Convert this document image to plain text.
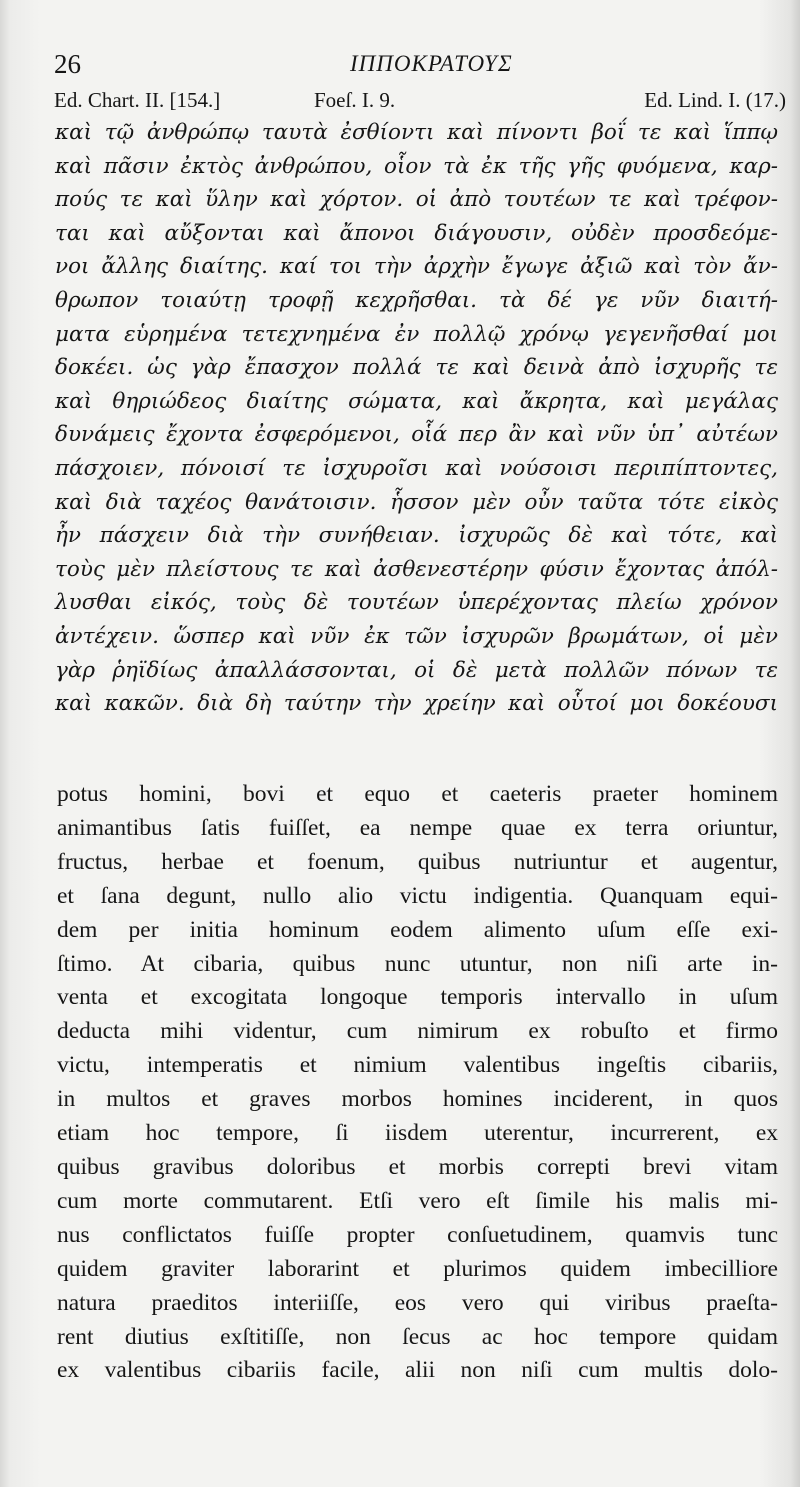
26	ΙΠΠΟΚΡΑΤΟΥΣ
Ed. Chart. II. [154.]	Foeſ. I. 9.	Ed. Lind. I. (17.)
καὶ τῷ ἀνθρώπῳ ταυτὰ ἐσθίοντι καὶ πίνοντι βοΐ τε καὶ ἵππῳ
καὶ πᾶσιν ἐκτὸς ἀνθρώπου, οἷον τὰ ἐκ τῆς γῆς φυόμενα, καρ-
πούς τε καὶ ὕλην καὶ χόρτον. οἱ ἀπὸ τουτέων τε καὶ τρέφον-
ται καὶ αὔξονται καὶ ἄπονοι διάγουσιν, οὐδὲν προσδεόμε-
νοι ἄλλης διαίτης. καί τοι τὴν ἀρχὴν ἔγωγε ἀξιῶ καὶ τὸν ἄν-
θρωπον τοιαύτῃ τροφῇ κεχρῆσθαι. τὰ δέ γε νῦν διαιτή-
ματα εὑρημένα τετεχνημένα ἐν πολλῷ χρόνῳ γεγενῆσθαί μοι
δοκέει. ὡς γὰρ ἔπασχον πολλά τε καὶ δεινὰ ἀπὸ ἰσχυρῆς τε
καὶ θηριώδεος διαίτης σώματα, καὶ ἄκρητα, καὶ μεγάλας
δυνάμεις ἔχοντα ἐσφερόμενοι, οἷά περ ἂν καὶ νῦν ὑπ᾽ αὐτέων
πάσχοιεν, πόνοισί τε ἰσχυροῖσι καὶ νούσοισι περιπίπτοντες,
καὶ διὰ ταχέος θανάτοισιν. ἧσσον μὲν οὖν ταῦτα τότε εἰκὸς
ἦν πάσχειν διὰ τὴν συνήθειαν. ἰσχυρῶς δὲ καὶ τότε, καὶ
τοὺς μὲν πλείστους τε καὶ ἀσθενεστέρην φύσιν ἔχοντας ἀπόλ-
λυσθαι εἰκός, τοὺς δὲ τουτέων ὑπερέχοντας πλείω χρόνον
ἀντέχειν. ὥσπερ καὶ νῦν ἐκ τῶν ἰσχυρῶν βρωμάτων, οἱ μὲν
γὰρ ῥηϊδίως ἀπαλλάσσονται, οἱ δὲ μετὰ πολλῶν πόνων τε
καὶ κακῶν. διὰ δὴ ταύτην τὴν χρείην καὶ οὗτοί μοι δοκέουσι
potus homini, bovi et equo et caeteris praeter hominem
animantibus ſatis fuiſſet, ea nempe quae ex terra oriuntur,
fructus, herbae et foenum, quibus nutriuntur et augentur,
et ſana degunt, nullo alio victu indigentia. Quanquam equi-
dem per initia hominum eodem alimento uſum eſſe exi-
ſtimo. At cibaria, quibus nunc utuntur, non niſi arte in-
venta et excogitata longoque temporis intervallo in uſum
deducta mihi videntur, cum nimirum ex robuſto et firmo
victu, intemperatis et nimium valentibus ingeſtis cibariis,
in multos et graves morbos homines inciderent, in quos
etiam hoc tempore, ſi iisdem uterentur, incurrerent, ex
quibus gravibus doloribus et morbis correpti brevi vitam
cum morte commutarent. Etſi vero eſt ſimile his malis mi-
nus conflictatos fuiſſe propter conſuetudinem, quamvis tunc
quidem graviter laborarint et plurimos quidem imbecilliore
natura praeditos interiiſſe, eos vero qui viribus praeſta-
rent diutius exſtitiſſe, non ſecus ac hoc tempore quidam
ex valentibus cibariis facile, alii non niſi cum multis dolo-
